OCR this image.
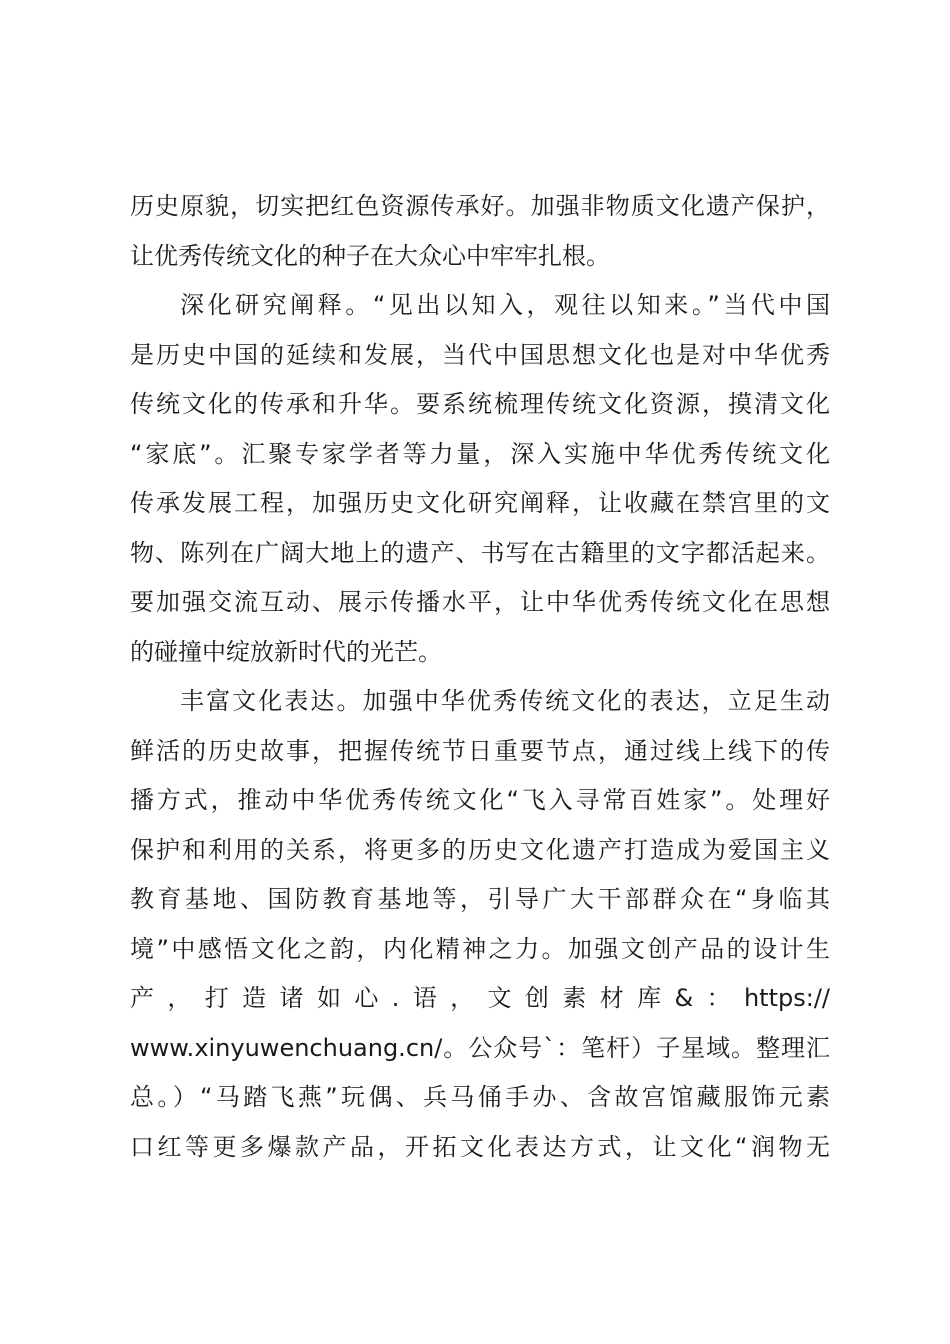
历史原貌，切实把红色资源传承好。加强非物质文化遗产保护，
让优秀传统文化的种子在大众心中牢牢扎根。
深化研究阐释。“见出以知入，观往以知来。”当代中国
是历史中国的延续和发展，当代中国思想文化也是对中华优秀
传统文化的传承和升华。要系统梳理传统文化资源，摸清文化
“家底”。汇聚专家学者等力量，深入实施中华优秀传统文化
传承发展工程，加强历史文化研究阐释，让收藏在禁宫里的文
物、陈列在广阔大地上的遗产、书写在古籍里的文字都活起来。
要加强交流互动、展示传播水平，让中华优秀传统文化在思想
的碰撞中绽放新时代的光芒。
丰富文化表达。加强中华优秀传统文化的表达，立足生动
鲜活的历史故事，把握传统节日重要节点，通过线上线下的传
播方式，推动中华优秀传统文化“飞入寻常百姓家”。处理好
保护和利用的关系，将更多的历史文化遗产打造成为爱国主义
教育基地、国防教育基地等，引导广大干部群众在“身临其
境”中感悟文化之韵，内化精神之力。加强文创产品的设计生
产，打造诸如心.语，文创素材库&：https://
www.xinyuwenchuang.cn/。公众号`：笔杆）子星域。整理汇
总。）“马踏飞燕”玩偶、兵马俑手办、含故宫馆藏服饰元素
口红等更多爆款产品，开拓文化表达方式，让文化“润物无
